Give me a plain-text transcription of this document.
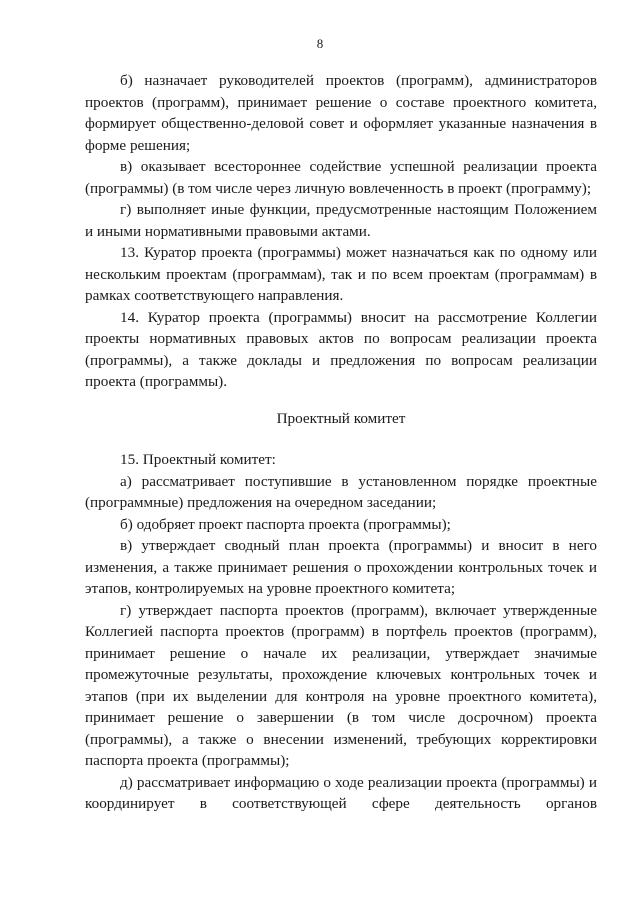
8

б) назначает руководителей проектов (программ), администраторов проектов (программ), принимает решение о составе проектного комитета, формирует общественно-деловой совет и оформляет указанные назначения в форме решения;

в) оказывает всестороннее содействие успешной реализации проекта (программы) (в том числе через личную вовлеченность в проект (программу);

г) выполняет иные функции, предусмотренные настоящим Положением и иными нормативными правовыми актами.

13. Куратор проекта (программы) может назначаться как по одному или нескольким проектам (программам), так и по всем проектам (программам) в рамках соответствующего направления.

14. Куратор проекта (программы) вносит на рассмотрение Коллегии проекты нормативных правовых актов по вопросам реализации проекта (программы), а также доклады и предложения по вопросам реализации проекта (программы).

Проектный комитет

15. Проектный комитет:

а) рассматривает поступившие в установленном порядке проектные (программные) предложения на очередном заседании;

б) одобряет проект паспорта проекта (программы);

в) утверждает сводный план проекта (программы) и вносит в него изменения, а также принимает решения о прохождении контрольных точек и этапов, контролируемых на уровне проектного комитета;

г) утверждает паспорта проектов (программ), включает утвержденные Коллегией паспорта проектов (программ) в портфель проектов (программ), принимает решение о начале их реализации, утверждает значимые промежуточные результаты, прохождение ключевых контрольных точек и этапов (при их выделении для контроля на уровне проектного комитета), принимает решение о завершении (в том числе досрочном) проекта (программы), а также о внесении изменений, требующих корректировки паспорта проекта (программы);

д) рассматривает информацию о ходе реализации проекта (программы) и координирует в соответствующей сфере деятельность органов
